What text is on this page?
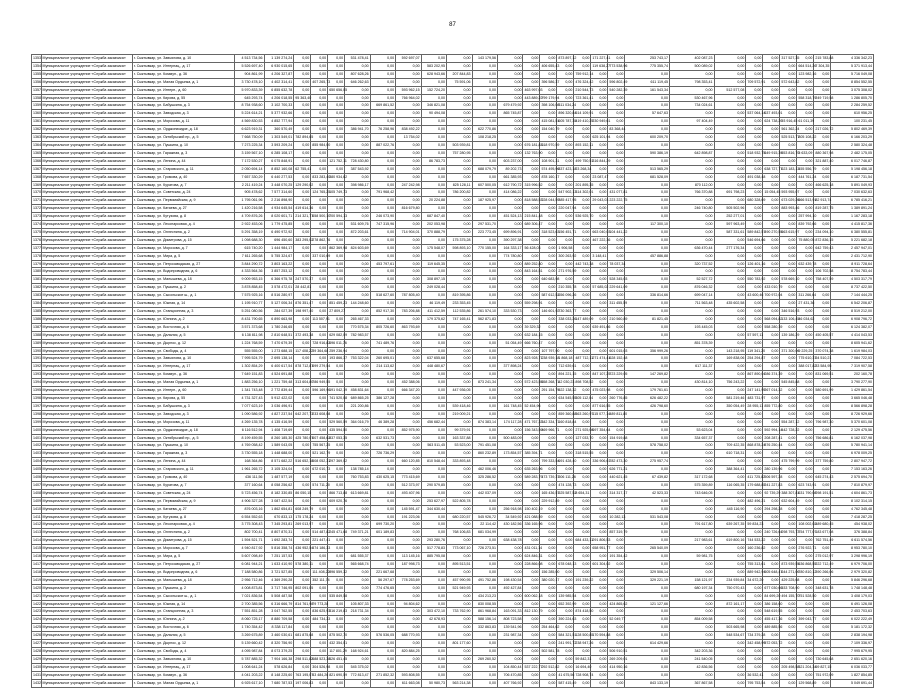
87
1353	Муниципальное учреждение «Служба заказчика»	г. Сыктывкар, ул. Завьялова, д. 10	4 513 734,56	1 139 274,24	0,00	0,00	0,00	531 478,41	0,00	592 697,07	0,00	0,00	143 179,56	0,00	0,00	0,00	873 897,12	0,00	171 227,41	0,00	253 743,17	402 087,23	0,00	0,00	0,00	317 527,35	0,00	215 783,88	4 336 342,23
1354	Муниципальное учреждение «Служба заказчика»	г. Сыктывкар, ул. Интернац., д. 17	5 526 697,40	6 930 015,65	0,00	0,00	0,00	0,00	0,00	0,00	583 202,95	0,00	0,00	0,00	0,00	406 655,43	0,00	0,00	119 638,27	773 538,96	775 355,74	500 089,02	0,00	0,00	0,00	0,00	664 514,26	7 304,35	5 371 913,44
1355	Муниципальное учреждение «Служба заказчика»	г. Сыктывкар, ул. Коммун., д. 36	904 861,99	4 206 327,87	0,00	0,00	0,00	807 628,26	0,00	0,00	628 943,66	207 844,83	0,00	0,00	0,00	0,00	0,00	759 912,14	0,00	0,00	0,00	0,00	0,00	0,00	0,00	0,00	123 982,16	0,00	5 716 049,08
1356	Муниципальное учреждение «Служба заказчика»	г. Сыктывкар, ул. Малая Ордынка, д. 1	3 730 478,10	4 402 314,41	0,00	407 265,73	0,00	646 262,63	0,00	0,00	0,00	75 591,06	0,00	0,00	0,00	396 586,37	0,00	476 324,42	0,00	596 802,49	611 119,45	798 353,41	0,00	709 572,91	0,00	572 643,82	0,00	0,00	8 854 552,55
1357	Муниципальное учреждение «Служба заказчика»	г. Сыктывкар, ул. Интерн., д. 60	5 970 833,39	6 855 632,78	0,00	0,00	650 656,05	0,00	0,00	593 962,15	152 724,20	0,00	0,00	0,00	463 997,03	0,00	0,00	210 544,73	0,00	540 282,39	161 543,34	0,00	512 577,08	0,00	0,00	0,00	0,00	0,00	3 075 308,02
1358	Муниципальное учреждение «Служба заказчика»	г. Сыктывкар, ул. Кирова, д. 55	645 293,74	4 206 018,55	95 363,40	0,00	0,00	0,00	0,00	766 964,02	0,00	0,00	0,00	0,00	443 889,22	799 179,94	0,00	723 361,41	0,00	0,00	0,00	530 467,96	0,00	0,00	0,00	0,00	558 318,79	249 719,58	1 286 805,70
1359	Муниципальное учреждение «Служба заказчика»	г. Сыктывкар, ул. Бабушкина, д. 3	8 754 938,60	3 102 700,33	0,00	0,00	0,00	0,00	669 861,52	0,00	346 821,08	0,00	0,00	679 479,92	0,00	398 106,08	311 034,24	0,00	0,00	0,00	0,00	734 024,61	0,00	0,00	0,00	0,00	0,00	0,00	2 284 259,52
1360	Муниципальное учреждение «Служба заказчика»	г. Сыктывкар, ул. Заводская, д. 3	5 224 614,21	5 377 932,66	0,00	0,00	0,00	0,00	0,00	0,00	90 494,08	0,00	0,00	865 745,87	0,00	0,00	896 320,84	514 109,91	0,00	0,00	57 647,63	0,00	0,00	537 064,14	637 493,01	0,00	0,00	0,00	610 956,25
1361	Муниципальное учреждение «Служба заказчика»	г. Сыктывкар, ул. Морозова, д. 11	4 569 830,53	4 852 777,94	0,00	0,00	0,00	0,00	0,00	0,00	0,00	0,00	0,00	0,00	0,00	415 081,51	605 787,35	419 410,25	230 949,61	0,00	0,00	97 404,49	0,00	0,00	624 738,20	93 916,45	61 011,39	0,00	100 231,45
1362	Муниципальное учреждение «Служба заказчика»	г. Сыктывкар, ул. Орджоникидзе, д. 18	6 623 919,31	360 570,49	0,00	0,00	0,00	386 941,70	76 258,96	838 492,22	0,00	0,00	622 770,86	0,00	0,00	154 040,79	0,00	0,00	0,00	83 368,44	0,00	0,00	0,00	0,00	0,00	561 362,24	0,00	217 026,72	5 802 469,39
1363	Муниципальное учреждение «Служба заказчика»	г. Сыктывкар, ул. Октябрьский пр., д. 5	7 668 750,09	1 303 549,01	782 894,65	0,00	0,00	0,00	0,00	13 754,02	0,00	0,00	108 218,25	0,00	0,00	0,00	0,00	0,00	625 101,94	0,00	600 209,70	0,00	0,00	0,00	0,00	525 513,77	805 108,22	0,00	6 166 203,29
1364	Муниципальное учреждение «Служба заказчика»	г. Сыктывкар, ул. Пушкина, д. 10	7 273 225,34	3 593 209,24	0,00	855 984,00	0,00	0,00	887 022,76	0,00	0,00	503 939,81	0,00	0,00	676 181,83	618 970,59	0,00	893 152,11	0,00	0,00	0,00	0,00	0,00	0,00	0,00	0,00	0,00	0,00	2 580 324,48
1365	Муниципальное учреждение «Служба заказчика»	г. Сыктывкар, ул. Гаражная, д. 3	3 159 567,10	6 285 108,17	0,00	0,00	0,00	0,00	0,00	0,00	0,00	757 280,95	0,00	0,00	132 763,90	0,00	0,00	0,00	0,00	0,00	590 386,19	642 898,87	0,00	518 932,75	649 915,39	653 816,70	5 633,09	880 367,98	2 482 175,05
1366	Муниципальное учреждение «Служба заказчика»	г. Сыктывкар, ул. Ленина, д. 44	7 172 530,27	6 075 848,91	0,00	0,00	121 752,11	728 430,80	0,00	0,00	86 783,73	0,00	0,00	603 237,00	0,00	108 901,31	0,00	499 750,51	316 844,29	0,00	0,00	0,00	0,00	0,00	0,00	0,00	0,00	321 887,40	6 017 746,87
1367	Муниципальное учреждение «Служба заказчика»	г. Сыктывкар, ул. Старовского, д. 11	2 050 694,14	8 852 160,08	62 755,41	0,00	0,00	387 543,92	0,00	0,00	0,00	0,00	688 079,79	89 202,73	0,00	574 495,96	837 423,18	23 268,34	0,00	0,00	513 565,29	0,00	0,00	0,00	638 727,77	623 183,13	455 556,79	0,00	5 198 456,18
1368	Муниципальное учреждение «Служба заказчика»	г. Сыктывкар, ул. Громова, д. 40	7 657 330,29	6 440 277,53	0,00	833 283,40	380 934,62	0,00	0,00	0,00	0,00	0,00	0,00	661 385,93	0,00	878 160,17	0,00	0,00	23 087,47	0,00	681 528,09	0,00	0,00	491 038,48	0,00	0,00	444 761,24	0,00	6 187 731,54
1369	Муниципальное учреждение «Служба заказчика»	г. Сыктывкар, ул. Куратова, д. 7	2 211 419,24	3 448 070,25	129 290,02	0,00	0,00	398 986,17	0,00	247 242,98	0,00	825 128,11	607 500,05	612 790,72	315 996,52	0,00	0,00	201 895,35	0,00	0,00	0,00	870 112,00	0,00	0,00	0,00	0,00	0,00	466 625,18	5 891 049,93
1370	Муниципальное учреждение «Служба заказчика»	г. Сыктывкар, ул. Советская, д. 24	905 478,62	7 577 314,60	0,00	124 765,25	105 749,73	0,00	791 968,42	0,00	0,00	786 200,82	0,00	414 086,22	0,00	0,00	547 902,13	314 302,01	0,00	431 077,81	0,00	766 370,88	691 798,23	0,00	15 054,45	593 955,07	0,00	0,00	7 030 632,63
1371	Муниципальное учреждение «Служба заказчика»	г. Сыктывкар, ул. Первомайская, д. 9	1 795 061,96	2 216 898,90	0,00	0,00	0,00	0,00	0,00	0,00	20 224,88	0,00	187 925,97	0,00	818 588,53	228 044,59	385 417,95	0,00	29 043,03	223 222,75	0,00	0,00	0,00	680 328,69	0,00	673 029,26	666 513,91	82 913,74	6 785 416,21
1372	Муниципальное учреждение «Служба заказчика»	г. Сыктывкар, ул. Катаева, д. 27	1 420 216,58	4 934 645,54	419 614,36	0,00	0,00	0,00	0,00	816 679,80	0,00	0,00	0,00	0,00	0,00	0,00	220 047,94	0,00	0,00	0,00	0,00	246 740,80	505 502,96	0,00	0,00	883 993,46	0,00	819 287,75	1 389 891,24
1373	Муниципальное учреждение «Служба заказчика»	г. Сыктывкар, ул. Кутузова, д. 8	4 709 876,26	8 020 601,71	214 321,77	658 500,10	700 594,13	0,00	246 073,90	0,00	687 847,40	0,00	0,00	451 524,13	215 841,48	0,00	0,00	536 925,70	0,00	0,00	0,00	0,00	252 277,01	0,00	0,00	0,00	257 994,10	0,00	1 167 283,18
1374	Муниципальное учреждение «Служба заказчика»	г. Сыктывкар, ул. Лесопарковая, д. 4	2 922 453,06	1 779 475,85	0,00	0,00	0,00	531 609,76	747 315,96	0,00	202 053,98	0,00	297 531,70	0,00	689 306,47	0,00	0,00	0,00	0,00	0,00	117 300,10	0,00	597 963,49	0,00	0,00	0,00	839 792,66	0,00	4 415 817,36
1375	Муниципальное учреждение «Служба заказчика»	г. Сыктывкар, ул. Оплеснина, д. 2	5 291 358,19	6 490 972,92	0,00	0,00	0,00	872 203,61	0,00	714 904,01	370 888,79	0,00	223 773,45	699 896,91	0,00	318 523,63	156 451,71	0,00	663 040,03	104 441,22	0,00	0,00	587 331,61	589 842,57	490 270,55	663 615,97	0,00	234 094,10	6 380 555,81
1376	Муниципальное учреждение «Служба заказчика»	г. Сыктывкар, ул. Димитрова, д. 15	1 098 688,30	696 450,60	383 295,02	278 862,76	0,00	0,00	0,00	0,00	0,00	175 375,28	0,00	390 297,38	0,00	0,00	0,00	0,00	467 222,36	0,00	0,00	0,00	0,00	546 694,66	0,00	0,00	75 880,05	872 836,15	5 221 682,18
1377	Муниципальное учреждение «Служба заказчика»	г. Сыктывкар, ул. Морозова, д. 7	615 740,20	1 444 984,17	0,00	0,00	862 369,98	824 603,69	0,00	0,00	175 548,07	598 893,10	770 155,00	164 333,17	56 428,03	0,00	1 906,58	0,00	0,00	0,00	0,00	636 470,44	277 176,34	0,00	0,00	0,00	0,00	642 759,43	2 457 947,01
1378	Муниципальное учреждение «Служба заказчика»	г. Сыктывкар, ул. Мира, д. 5	7 611 265,68	5 755 324,67	0,00	337 010,69	0,00	0,00	0,00	0,00	0,00	0,00	0,00	774 780,80	0,00	0,00	300 263,92	0,00	3 148,41	0,00	457 886,88	0,00	0,00	0,00	0,00	0,00	0,00	0,00	2 431 712,90
1379	Муниципальное учреждение «Служба заказчика»	г. Сыктывкар, ул. Петрозаводская, д. 27	3 844 290,72	3 803 163,22	0,00	0,00	0,00	0,00	453 797,61	0,00	119 645,35	0,00	0,00	0,00	889 252,80	0,00	0,00	442 743,38	0,00	78 037,34	0,00	320 737,52	0,00	126 401,16	0,00	0,00	632 439,78	0,00	8 911 728,64
1380	Муниципальное учреждение «Служба заказчика»	г. Сыктывкар, ул. Водопроводная, д. 6	4 333 564,36	3 857 253,12	0,00	0,00	0,00	0,00	0,00	0,00	0,00	0,00	0,00	0,00	843 164,51	0,00	271 976,59	0,00	0,00	0,00	0,00	0,00	0,00	0,00	0,00	0,00	0,00	106 702,58	8 754 783,44
1381	Муниципальное учреждение «Служба заказчика»	г. Сыктывкар, ул. Малышева, д. 18	9 009 953,15	6 366 975,78	247 570,37	0,00	0,00	0,00	0,00	0,00	308 897,15	0,00	0,00	0,00	0,00	640 683,98	0,00	0,00	0,00	528 345,03	0,00	52 527,72	0,00	550 783,92	0,00	578 669,10	0,00	758 407,59	4 503 317,79
1382	Муниципальное учреждение «Служба заказчика»	г. Сыктывкар, ул. Пушкина, д. 2	3 878 858,45	3 578 472,01	28 442,81	0,00	0,00	0,00	0,00	0,00	249 028,44	0,00	0,00	0,00	0,00	0,00	210 355,78	0,00	57 685,02	229 641,09	0,00	876 046,32	0,00	0,00	433 010,79	0,00	0,00	0,00	8 737 422,50
1383	Муниципальное учреждение «Служба заказчика»	г. Сыктывкар, ул. Сысольское ш., д. 1	7 575 925,16	8 516 280,97	0,00	0,00	0,00	0,00	518 627,60	787 805,40	0,00	819 395,86	0,00	0,00	0,00	587 612,52	656 096,26	0,00	0,00	0,00	336 814,66	699 047,14	0,00	43 600,46	700 972,04	0,00	311 266,64	0,00	7 144 444,25
1384	Муниципальное учреждение «Служба заказчика»	г. Сыктывкар, ул. Южная, д. 14	1 195 910,77	5 127 006,34	876 351,47	0,00	851 459,23	144 248,60	0,00	0,00	46 119,49	233 353,45	0,00	0,00	559 298,91	0,00	0,00	0,00	0,00	311 455,59	0,00	711 563,48	435 602,58	0,00	0,00	0,00	27 431,36	0,00	6 542 206,87
1385	Муниципальное учреждение «Служба заказчика»	г. Сыктывкар, ул. Станционная, д. 3	5 251 080,56	284 027,39	198 997,40	0,00	27 809,27	0,00	852 917,30	783 206,88	411 412,59	112 535,86	261 574,10	333 530,73	0,00	146 601,92	730 363,77	0,00	0,00	0,00	0,00	0,00	0,00	0,00	0,00	346 516,93	0,00	0,00	8 519 212,00
1386	Муниципальное учреждение «Служба заказчика»	г. Сыктывкар, ул. Юхнина, д. 2	8 431 790,65	6 890 663,98	0,00	113 507,91	0,00	265 467,33	0,00	0,00	179 375,62	747 165,41	562 871,83	0,00	0,00	0,00	338 033,26	147 489,09	0,00	210 560,89	81 821,45	0,00	0,00	0,00	568 094,82	133 106,45	46 034,62	0,00	6 908 796,72
1387	Муниципальное учреждение «Служба заказчика»	г. Сыктывкар, ул. Восточная, д. 6	3 571 373,68	1 780 246,65	0,00	0,00	0,00	770 575,34	805 726,60	863 793,69	0,00	0,00	0,00	0,00	39 329,32	0,00	0,00	0,00	639 491,66	0,00	0,00	193 445,03	0,00	0,00	558 280,39	0,00	0,00	0,00	6 124 382,07
1388	Муниципальное учреждение «Служба заказчика»	г. Сыктывкар, ул. Дальняя, д. 5	6 138 811,98	2 810 648,51	372 493,38	0,00	629 082,09	782 983,57	0,00	0,00	0,00	0,00	0,00	0,00	632 184,15	0,00	0,00	0,00	0,00	0,00	0,00	0,00	0,00	57 597,11	0,00	139 186,29	0,00	450 405,57	4 414 043,53
1389	Муниципальное учреждение «Служба заказчика»	г. Сыктывкар, ул. Дырнос, д. 12	1 224 768,59	7 470 679,39	0,00	728 916,82	696 011,76	0,00	741 489,76	0,00	0,00	0,00	0,00	51 054,49	666 760,47	0,00	0,00	0,00	0,00	0,00	0,00	851 378,39	0,00	0,00	0,00	0,00	0,00	0,00	8 605 941,62
1390	Муниципальное учреждение «Служба заказчика»	г. Сыктывкар, ул. Свободы, д. 4	555 555,00	1 273 688,15	117 408,22	39 364,68	259 236,94	0,00	0,00	0,00	0,00	0,00	0,00	0,00	0,00	107 797,90	0,00	0,00	0,00	601 015,03	356 999,26	0,00	143 218,95	119 341,20	0,00	371 300,06	9 229,25	370 074,38	1 619 984,03
1391	Муниципальное учреждение «Служба заказчика»	г. Сыктывкар, ул. Завьялова, д. 10	7 995 524,79	2 695 138,14	0,00	0,00	193 866,37	753 322,04	260 695,01	0,00	637 655,68	0,00	0,00	0,00	823 928,71	238 939,18	1 868,18	487 712,11	271 474,41	628 152,48	0,00	0,00	169 838,06	254 294,87	0,00	0,00	775 610,37	54 510,21	7 084 722,53
1392	Муниципальное учреждение «Служба заказчика»	г. Сыктывкар, ул. Интернац., д. 17	1 302 854,29	6 400 617,54	878 712,87	699 279,54	0,00	0,00	214 113,62	0,00	448 480,67	0,00	0,00	377 898,24	0,00	0,00	712 639,61	0,00	0,00	0,00	0,00	617 111,37	0,00	0,00	0,00	0,00	388 017,82	33 584,95	7 319 907,58
1393	Муниципальное учреждение «Служба заказчика»	г. Сыктывкар, ул. Коммун., д. 36	7 649 151,83	4 524 691,88	0,00	0,00	0,00	0,00	0,00	0,00	0,00	0,00	0,00	0,00	0,00	0,00	894 221,15	0,00	847 107,25	723 229,05	147 269,82	0,00	0,00	867 890,04	286 374,39	0,00	0,00	831 069,51	202 160,78
1394	Муниципальное учреждение «Служба заказчика»	г. Сыктывкар, ул. Малая Ордынка, д. 1	1 883 256,10	1 221 759,48	313 604,80	786 949,55	0,00	0,00	0,00	452 388,06	0,00	0,00	873 241,34	0,00	572 423,55	658 268,71	42 030,23	898 708,52	0,00	0,00	0,00	430 814,10	756 243,22	0,00	0,00	545 845,88	0,00	0,00	3 790 277,90
1395	Муниципальное учреждение «Служба заказчика»	г. Сыктывкар, ул. Интерн., д. 60	1 341 743,48	2 772 839,44	0,00	596 169,96	191 042,19	458 831,64	0,00	666 347,20	0,00	447 936,05	0,00	0,00	0,00	291 154,79	622 138,32	0,00	475 023,98	0,00	179 761,61	0,00	0,00	247 141,95	267 014,32	0,00	0,00	580 691,99	1 429 861,54
1396	Муниципальное учреждение «Служба заказчика»	г. Сыктывкар, ул. Кирова, д. 55	4 731 327,43	5 912 422,02	0,00	0,00	741 520,08	689 865,25	386 127,28	0,00	0,00	0,00	0,00	0,00	0,00	0,00	634 545,55	305 112,04	0,00	260 776,85	626 482,22	0,00	581 219,46	483 731,97	0,00	0,00	0,00	0,00	3 665 046,48
1397	Муниципальное учреждение «Служба заказчика»	г. Сыктывкар, ул. Бабушкина, д. 3	7 077 623,19	3 036 496,91	0,00	0,00	0,00	221 200,86	0,00	0,00	0,00	539 418,46	0,00	161 748,45	52 454,96	0,00	0,00	0,00	877 616,55	0,00	426 798,60	0,00	350 054,49	28 955,11	855 772,80	0,00	0,00	0,00	8 566 898,28
1398	Муниципальное учреждение «Служба заказчика»	г. Сыктывкар, ул. Заводская, д. 3	1 090 586,92	4 827 237,54	642 207,73	233 608,08	0,00	0,00	0,00	0,00	0,00	219 009,21	0,00	0,00	0,00	0,00	859 360,88	363 260,97	115 077,14	489 811,80	0,00	0,00	0,00	0,00	0,00	0,00	0,00	0,00	8 726 929,66
1399	Муниципальное учреждение «Служба заказчика»	г. Сыктывкар, ул. Морозова, д. 11	4 269 135,78	4 135 416,59	0,00	0,00	529 560,59	364 016,79	46 389,28	0,00	456 682,44	0,00	874 383,14	174 117,28	471 767,33	342 334,71	160 818,84	0,00	0,00	0,00	0,00	0,00	0,00	0,00	0,00	554 287,12	0,00	796 987,30	5 370 601,08
1400	Муниципальное учреждение «Служба заказчика»	г. Сыктывкар, ул. Орджоникидзе, д. 18	6 116 512,94	1 408 719,69	0,00	0,00	435 594,50	0,00	0,00	852 975,90	0,00	99 379,91	0,00	0,00	156 343,59	469 966,71	0,00	271 925,08	697 354,64	0,00	0,00	53 623,04	0,00	0,00	592 994,14	442 728,22	0,00	0,00	2 129 475,56
1401	Муниципальное учреждение «Служба заказчика»	г. Сыктывкар, ул. Октябрьский пр., д. 5	8 199 459,55	8 260 185,30	425 780,07	607 458,62	837 053,35	0,00	632 531,73	0,00	0,00	163 337,88	0,00	500 483,09	0,00	0,00	0,00	127 033,70	0,00	154 919,88	0,00	334 657,37	0,00	0,00	208 287,41	0,00	0,00	756 686,81	6 162 037,98
1402	Муниципальное учреждение «Служба заказчика»	г. Сыктывкар, ул. Пушкина, д. 10	4 769 058,42	1 589 043,05	0,00	755 567,25	0,00	0,00	0,00	0,00	563 511,45	53 523,00	791 451,08	0,00	0,00	0,00	0,00	0,00	0,00	0,00	578 758,02	0,00	709 422,35	868 878,24	876 250,44	0,00	0,00	0,00	5 780 941,14
1403	Муниципальное учреждение «Служба заказчика»	г. Сыктывкар, ул. Гаражная, д. 3	3 730 555,18	1 448 688,00	0,00	521 162,79	0,00	0,00	726 736,29	0,00	0,00	0,00	860 232,89	173 854,57	385 394,71	0,00	0,00	318 515,55	0,00	0,00	0,00	0,00	610 718,31	0,00	0,00	0,00	0,00	0,00	6 978 009,25
1404	Муниципальное учреждение «Служба заказчика»	г. Сыктывкар, ул. Ленина, д. 44	168 364,86	8 571 682,22	516 652,18	508 052,31	297 369,02	0,00	0,00	660 120,85	810 548,44	333 893,48	0,00	0,00	0,00	799 333,54	691 428,40	0,00	336 906,61	782 473,30	275 957,74	0,00	0,00	0,00	0,00	475 799,99	0,00	377 759,80	2 807 947,72
1405	Муниципальное учреждение «Служба заказчика»	г. Сыктывкар, ул. Старовского, д. 11	1 961 265,72	3 105 324,04	0,00	672 010,73	0,00	138 785,14	0,00	0,00	0,00	0,00	462 006,46	0,00	635 263,96	0,00	0,00	0,00	0,00	626 771,21	0,00	0,00	388 364,41	0,00	280 139,96	0,00	0,00	0,00	7 153 163,26
1406	Муниципальное учреждение «Служба заказчика»	г. Сыктывкар, ул. Громова, д. 40	436 111,56	1 487 577,19	0,00	0,00	0,00	760 753,83	430 625,15	773 415,69	0,00	0,00	325 286,52	0,00	589 283,79	173 739,37	506 111,26	0,00	0,00	440 621,45	67 439,82	317 172,68	0,00	411 725,82	506 597,28	0,00	0,00	645 274,43	2 575 694,70
1407	Муниципальное учреждение «Служба заказчика»	г. Сыктывкар, ул. Куратова, д. 7	377 160,64	8 058 256,62	0,00	574 711,20	0,00	0,00	0,00	512 373,97	290 579,85	0,00	0,00	0,00	0,00	0,00	474 128,73	0,00	0,00	0,00	0,00	575 359,89	116 065,35	179 688,85	241 227,83	0,00	623 743,91	0,00	7 810 879,97
1408	Муниципальное учреждение «Служба заказчика»	г. Сыктывкар, ул. Советская, д. 24	5 723 456,74	8 182 330,85	86 050,15	0,00	866 713,88	613 669,81	0,00	493 407,96	0,00	0,00	442 037,09	0,00	0,00	165 436,57	525 587,52	8 654,31	0,00	314 317,17	42 523,33	743 646,05	0,00	0,00	92 739,29	388 307,81	631 790,08	298 191,51	4 604 861,73
1409	Муниципальное учреждение «Служба заказчика»	г. Сыктывкар, ул. Первомайская, д. 9	4 906 327,28	3 087 422,54	0,00	0,00	609 020,76	0,00	0,00	0,00	253 627,97	522 805,78	0,00	0,00	0,00	229 912,89	0,00	0,00	0,00	0,00	0,00	0,00	0,00	482 496,21	0,00	632 604,49	0,00	0,00	8 102 314,15
1410	Муниципальное учреждение «Служба заказчика»	г. Сыктывкар, ул. Катаева, д. 27	876 003,16	1 862 654,81	608 249,79	0,00	0,00	0,00	0,00	145 591,47	344 630,44	0,00	0,00	256 918,98	150 402,19	0,00	0,00	0,00	0,00	0,00	0,00	0,00	445 116,90	0,00	294 298,28	0,00	0,00	0,00	4 762 345,48
1411	Муниципальное учреждение «Служба заказчика»	г. Сыктывкар, ул. Кутузова, д. 8	6 554 552,63	670 833,13	175 178,24	0,00	0,00	0,00	0,00	191 223,06	0,00	680 220,57	545 926,72	34 549,92	421 088,59	0,00	0,00	0,00	0,00	10 282,13	531 543,08	0,00	0,00	0,00	0,00	0,00	0,00	0,00	7 418 287,25
1412	Муниципальное учреждение «Служба заказчика»	г. Сыктывкар, ул. Лесопарковая, д. 4	3 775 308,43	7 345 293,81	269 013,97	0,00	0,00	0,00	699 730,20	0,00	0,00	0,00	22 114,42	430 182,56	336 165,96	0,00	0,00	0,00	0,00	0,00	0,00	791 617,80	639 267,35	59 834,23	0,00	0,00	108 002,02	489 680,45	454 938,02
1413	Муниципальное учреждение «Служба заказчика»	г. Сыктывкар, ул. Оплеснина, д. 2	802 700,41	8 807 870,31	0,00	514 487,82	245 471,68	749 371,21	601 189,83	0,00	0,00	768 106,83	681 034,99	0,00	0,00	0,00	0,00	0,00	0,00	857 319,79	0,00	0,00	0,00	0,00	240 726,64	298 793,73	754 777,07	183 677,08	376 388,84
1414	Муниципальное учреждение «Служба заказчика»	г. Сыктывкар, ул. Димитрова, д. 15	1 594 521,71	1 692 283,74	0,00	221 447,41	0,00	0,00	0,00	0,00	293 280,76	0,00	0,00	638 438,78	0,00	0,00	0,00	684 433,11	291 806,53	0,00	0,00	217 983,61	619 800,16	744 533,22	0,00	0,00	0,00	762 751,49	6 611 574,56
1415	Муниципальное учреждение «Служба заказчика»	г. Сыктывкар, ул. Морозова, д. 7	4 940 817,92	5 816 358,74	436 952,54	474 186,33	0,00	0,00	0,00	0,00	517 778,83	773 067,10	726 273,51	0,00	431 011,14	0,00	0,00	0,00	658 951,77	0,00	265 540,09	0,00	0,00	160 236,82	0,00	0,00	276 922,71	0,00	8 953 780,10
1416	Муниципальное учреждение «Служба заказчика»	г. Сыктывкар, ул. Мира, д. 5	5 607 098,49	7 251 157,53	0,00	0,00	0,00	681 555,37	0,00	113 145,16	885 795,08	0,00	0,00	0,00	624 846,31	0,00	0,00	0,00	0,00	191 354,42	0,00	59 981,75	0,00	0,00	0,00	0,00	0,00	275 012,97	3 298 996,19
1417	Муниципальное учреждение «Служба заказчика»	г. Сыктывкар, ул. Петрозаводская, д. 27	6 081 944,21	1 633 410,90	578 380,11	0,00	0,00	565 668,74	0,00	187 998,73	0,00	895 513,51	0,00	0,00	228 866,08	0,00	678 048,13	0,00	601 304,02	0,00	0,00	0,00	0,00	755 313,61	0,00	873 939,55	636 868,55	222 712,49	6 979 706,00
1418	Муниципальное учреждение «Служба заказчика»	г. Сыктывкар, ул. Водопроводная, д. 6	7 188 580,86	3 721 527,85	0,00	111 408,22	896 559,32	0,00	221 667,68	0,00	0,00	0,00	0,00	0,00	0,00	156 285,00	0,00	0,00	0,00	0,00	329 506,14	0,00	0,00	889 942,94	505 648,47	644 271,06	780 810,12	390 266,06	2 979 320,82
1419	Муниципальное учреждение «Служба заказчика»	г. Сыктывкар, ул. Малышева, д. 18	2 956 712,46	4 369 290,28	0,00	352 111,74	0,00	0,00	56 297,67	778 253,69	0,00	457 990,95	491 752,86	198 430,54	0,00	380 020,17	0,00	191 239,22	0,00	0,00	329 221,19	158 121,97	234 939,84	34 672,20	0,00	429 225,68	0,00	0,00	5 846 296,68
1420	Муниципальное учреждение «Служба заказчика»	г. Сыктывкар, ул. Пушкина, д. 2	4 008 873,81	3 717 746,95	802 091,05	0,00	0,00	0,00	774 476,65	0,00	0,00	521 949,93	0,00	492 427,84	0,00	0,00	0,00	0,00	0,00	0,00	0,00	680 197,34	750 070,43	0,00	677 030,60	633 708,90	0,00	348 631,78	1 748 148,48
1421	Муниципальное учреждение «Служба заказчика»	г. Сыктывкар, ул. Сысольское ш., д. 1	7 021 836,54	5 508 487,58	0,00	0,00	535 849,58	0,00	0,00	0,00	0,00	0,00	434 213,23	0,00	600 062,18	0,00	139 985,54	0,00	0,00	0,00	0,00	0,00	0,00	0,00	84 699,20	494 155,70	751 528,50	0,00	3 408 179,03
1422	Муниципальное учреждение «Служба заказчика»	г. Сыктывкар, ул. Южная, д. 14	2 700 385,56	6 316 666,79	814 761,98	79 773,28	0,00	105 807,33	0,00	94 804,62	0,00	0,00	830 008,55	0,00	0,00	0,00	652 392,99	0,00	0,00	424 865,62	121 127,66	0,00	872 161,17	0,00	386 158,60	0,00	0,00	0,00	6 491 126,08
1423	Муниципальное учреждение «Служба заказчика»	г. Сыктывкар, ул. Станционная, д. 3	7 551 851,28	3 047 762,55	0,00	836 625,93	316 219,83	218 731,34	0,00	0,00	303 472,10	733 762,90	861 968,84	163 091,33	812 130,79	0,00	0,00	874 418,50	0,00	0,00	0,00	0,00	0,00	0,00	548 619,55	0,00	0,00	0,00	2 453 703,63
1424	Муниципальное учреждение «Служба заказчика»	г. Сыктывкар, ул. Юхнина, д. 2	8 060 725,17	8 880 709,58	0,00	484 734,33	0,00	0,00	0,00	0,00	42 678,93	0,00	588 156,14	808 723,58	0,00	0,00	390 224,63	0,00	0,00	52 049,77	0,00	854 009,58	0,00	0,00	455 417,36	0,00	399 043,77	0,00	6 022 222,49
1425	Муниципальное учреждение «Служба заказчика»	г. Сыктывкар, ул. Восточная, д. 6	1 740 354,42	8 338 117,84	0,00	0,00	0,00	0,00	0,00	0,00	0,00	0,00	332 863,83	139 541,96	0,00	254 464,62	0,00	0,00	0,00	0,00	0,00	0,00	503 665,98	0,00	489 885,56	0,00	0,00	0,00	5 181 172,32
1426	Муниципальное учреждение «Служба заказчика»	г. Сыктывкар, ул. Дальняя, д. 5	3 269 675,89	3 460 030,61	681 875,68	0,00	875 502,70	0,00	576 536,05	688 770,93	0,00	0,00	0,00	231 987,34	0,00	0,00	584 321,51	128 500,85	170 594,88	0,00	0,00	0,00	548 534,67	734 379,28	0,00	0,00	0,00	0,00	2 838 194,98
1427	Муниципальное учреждение «Служба заказчика»	г. Сыктывкар, ул. Дырнос, д. 12	5 139 660,42	8 320 756,90	0,00	0,00	432 354,01	0,00	0,00	0,00	0,00	801 177,60	0,00	0,00	0,00	0,00	241 991,72	238 947,26	0,00	0,00	614 429,66	0,00	0,00	342 458,99	572 053,72	0,00	0,00	0,00	7 109 336,97
1428	Муниципальное учреждение «Служба заказчика»	г. Сыктывкар, ул. Свободы, д. 4	4 095 987,84	8 073 379,25	0,00	0,00	117 801,29	168 924,61	0,00	820 884,25	0,00	0,00	0,00	0,00	0,00	502 581,78	0,00	0,00	0,00	506 910,51	0,00	342 203,36	0,00	0,00	0,00	0,00	0,00	0,00	7 995 679,95
1429	Муниципальное учреждение «Служба заказчика»	г. Сыктывкар, ул. Завьялова, д. 10	5 787 885,32	7 904 166,38	298 511,82	688 523,38	526 451,45	0,00	0,00	0,00	0,00	0,00	269 260,52	0,00	0,00	0,00	0,00	59 842,31	0,00	269 209,01	0,00	241 540,05	0,00	0,00	0,00	0,00	0,00	730 645,68	2 651 620,16
1430	Муниципальное учреждение «Служба заказчика»	г. Сыктывкар, ул. Интернац., д. 17	1 008 641,24	578 626,84	0,00	304 526,98	0,00	545 375,02	0,00	0,00	0,00	0,00	0,00	104 850,44	537 222,77	292 512,82	0,00	16 694,40	0,00	414 950,16	0,00	42 836,56	0,00	0,00	0,00	205 498,58	321 204,34	59 827,15	6 036 033,77
1431	Муниципальное учреждение «Служба заказчика»	г. Сыктывкар, ул. Коммун., д. 36	4 041 203,22	8 148 225,60	763 195,07	43 484,26	821 690,59	772 813,47	271 852,32	593 808,55	0,00	0,00	0,00	706 470,85	0,00	0,00	41 675,56	728 908,74	0,00	0,00	0,00	0,00	0,00	36 532,41	0,00	0,00	0,00	751 972,09	1 827 854,85
1432	Муниципальное учреждение «Служба заказчика»	г. Сыктывкар, ул. Малая Ордынка, д. 1	6 925 617,10	7 680 787,53	197 006,83	0,00	0,00	0,00	0,00	611 663,08	50 980,73	563 214,38	0,00	407 766,92	0,00	0,00	587 415,49	0,00	0,00	0,00	843 133,19	367 867,58	0,00	795 753,54	0,00	0,00	129 568,89	0,00	5 049 691,44
